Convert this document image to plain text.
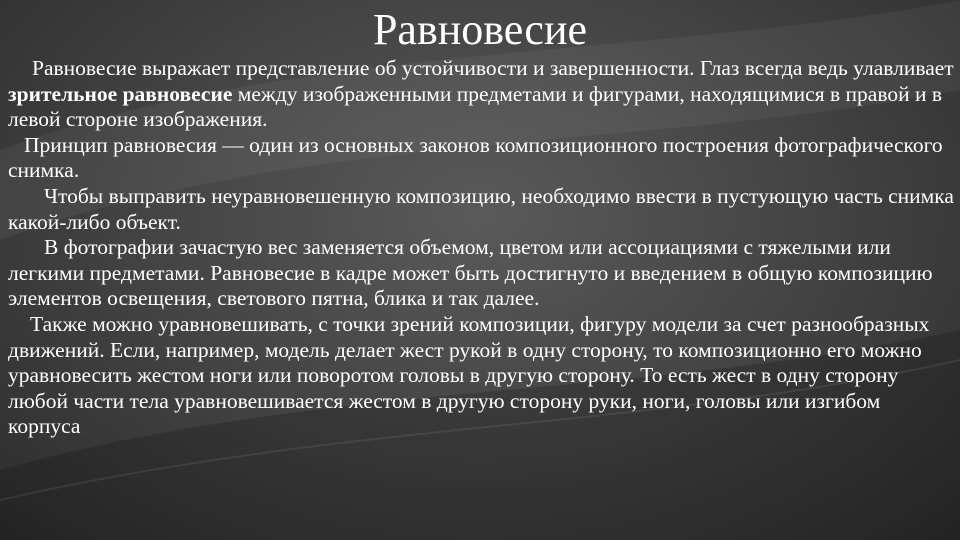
Равновесие

Равновесие выражает представление об устойчивости и завершенности. Глаз всегда ведь улавливает зрительное равновесие между изображенными предметами и фигурами, находящимися в правой и в левой стороне изображения.

Принцип равновесия — один из основных законов композиционного построения фотографического снимка.

Чтобы выправить неуравновешенную композицию, необходимо ввести в пустующую часть снимка какой-либо объект.

В фотографии зачастую вес заменяется объемом, цветом или ассоциациями с тяжелыми или легкими предметами. Равновесие в кадре может быть достигнуто и введением в общую композицию элементов освещения, светового пятна, блика и так далее.

Также можно уравновешивать, с точки зрений композиции, фигуру модели за счет разнообразных движений. Если, например, модель делает жест рукой в одну сторону, то композиционно его можно уравновесить жестом ноги или поворотом головы в другую сторону. То есть жест в одну сторону любой части тела уравновешивается жестом в другую сторону руки, ноги, головы или изгибом корпуса
